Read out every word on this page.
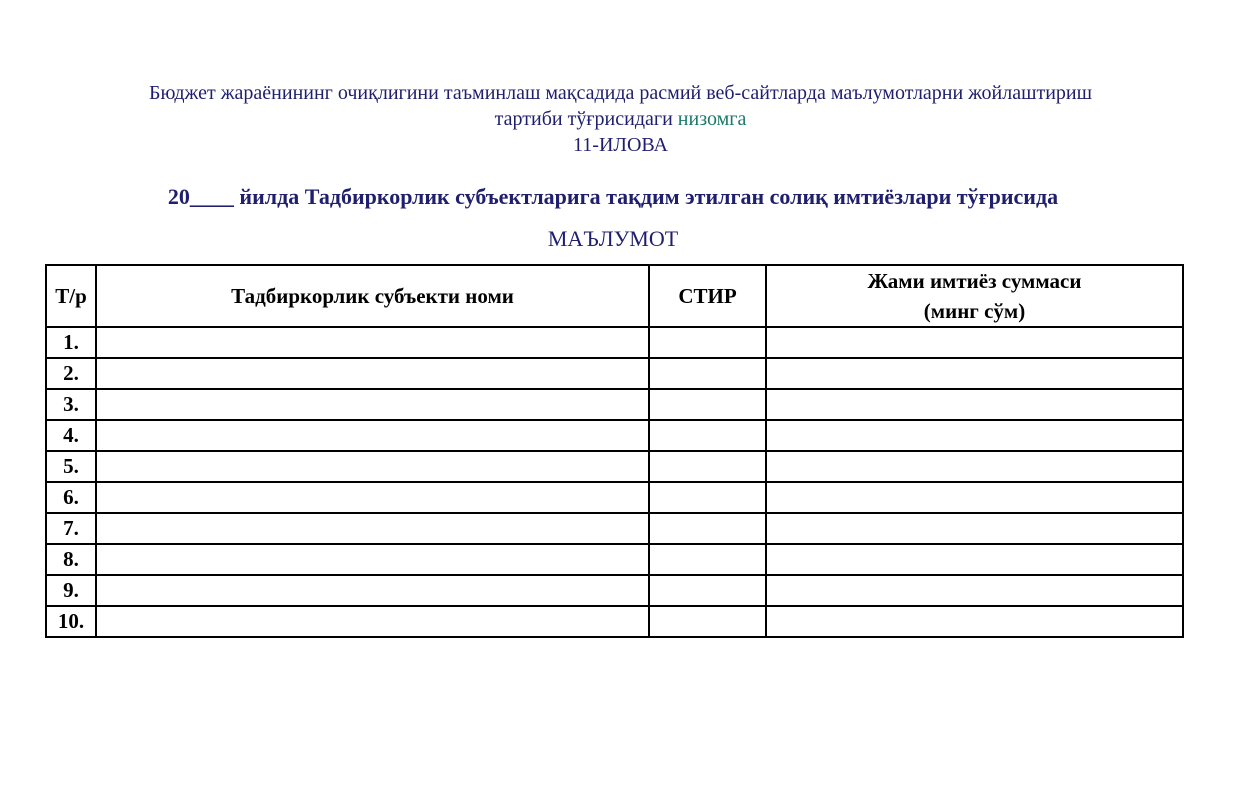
Бюджет жараёнининг очиқлигини таъминлаш мақсадида расмий веб-сайтларда маълумотларни жойлаштириш
тартиби тўғрисидаги низомга
11-ИЛОВА
20____ йилда Тадбиркорлик субъектларига тақдим этилган солиқ имтиёзлари тўғрисида
МАЪЛУМОТ
Т/р	Тадбиркорлик субъекти номи	СТИР	Жами имтиёз суммаси
(минг сўм)

1.			
2.			
3.			
4.			
5.			
6.			
7.			
8.			
9.			
10.			
